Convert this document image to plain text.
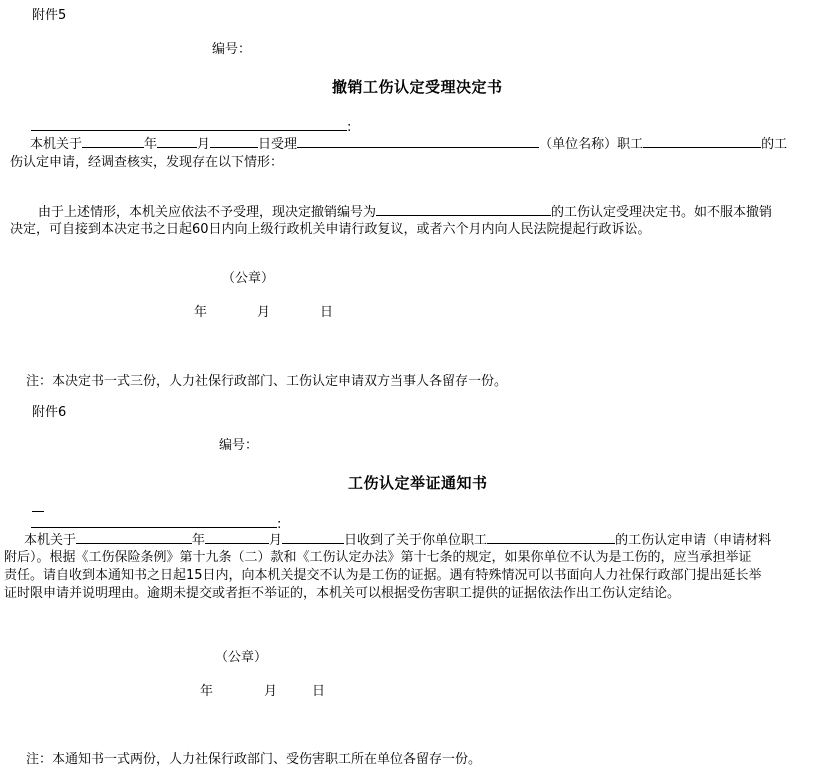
附件5
编号：
撤销工伤认定受理决定书
:
本机关于	年	月	日受理	（单位名称）职工	的工
伤认定申请，经调查核实，发现存在以下情形：
由于上述情形，本机关应依法不予受理，现决定撤销编号为	的工伤认定受理决定书。如不服本撤销
决定，可自接到本决定书之日起60日内向上级行政机关申请行政复议，或者六个月内向人民法院提起行政诉讼。
（公章）
年	月	日
注：本决定书一式三份，人力社保行政部门、工伤认定申请双方当事人各留存一份。
附件6
编号：
工伤认定举证通知书
:
本机关于	年	月	日收到了关于你单位职工	的工伤认定申请（申请材料
附后）。根据《工伤保险条例》第十九条（二）款和《工伤认定办法》第十七条的规定，如果你单位不认为是工伤的，应当承担举证
责任。请自收到本通知书之日起15日内，向本机关提交不认为是工伤的证据。遇有特殊情况可以书面向人力社保行政部门提出延长举
证时限申请并说明理由。逾期未提交或者拒不举证的，本机关可以根据受伤害职工提供的证据依法作出工伤认定结论。
（公章）
年	月	日
注：本通知书一式两份，人力社保行政部门、受伤害职工所在单位各留存一份。
